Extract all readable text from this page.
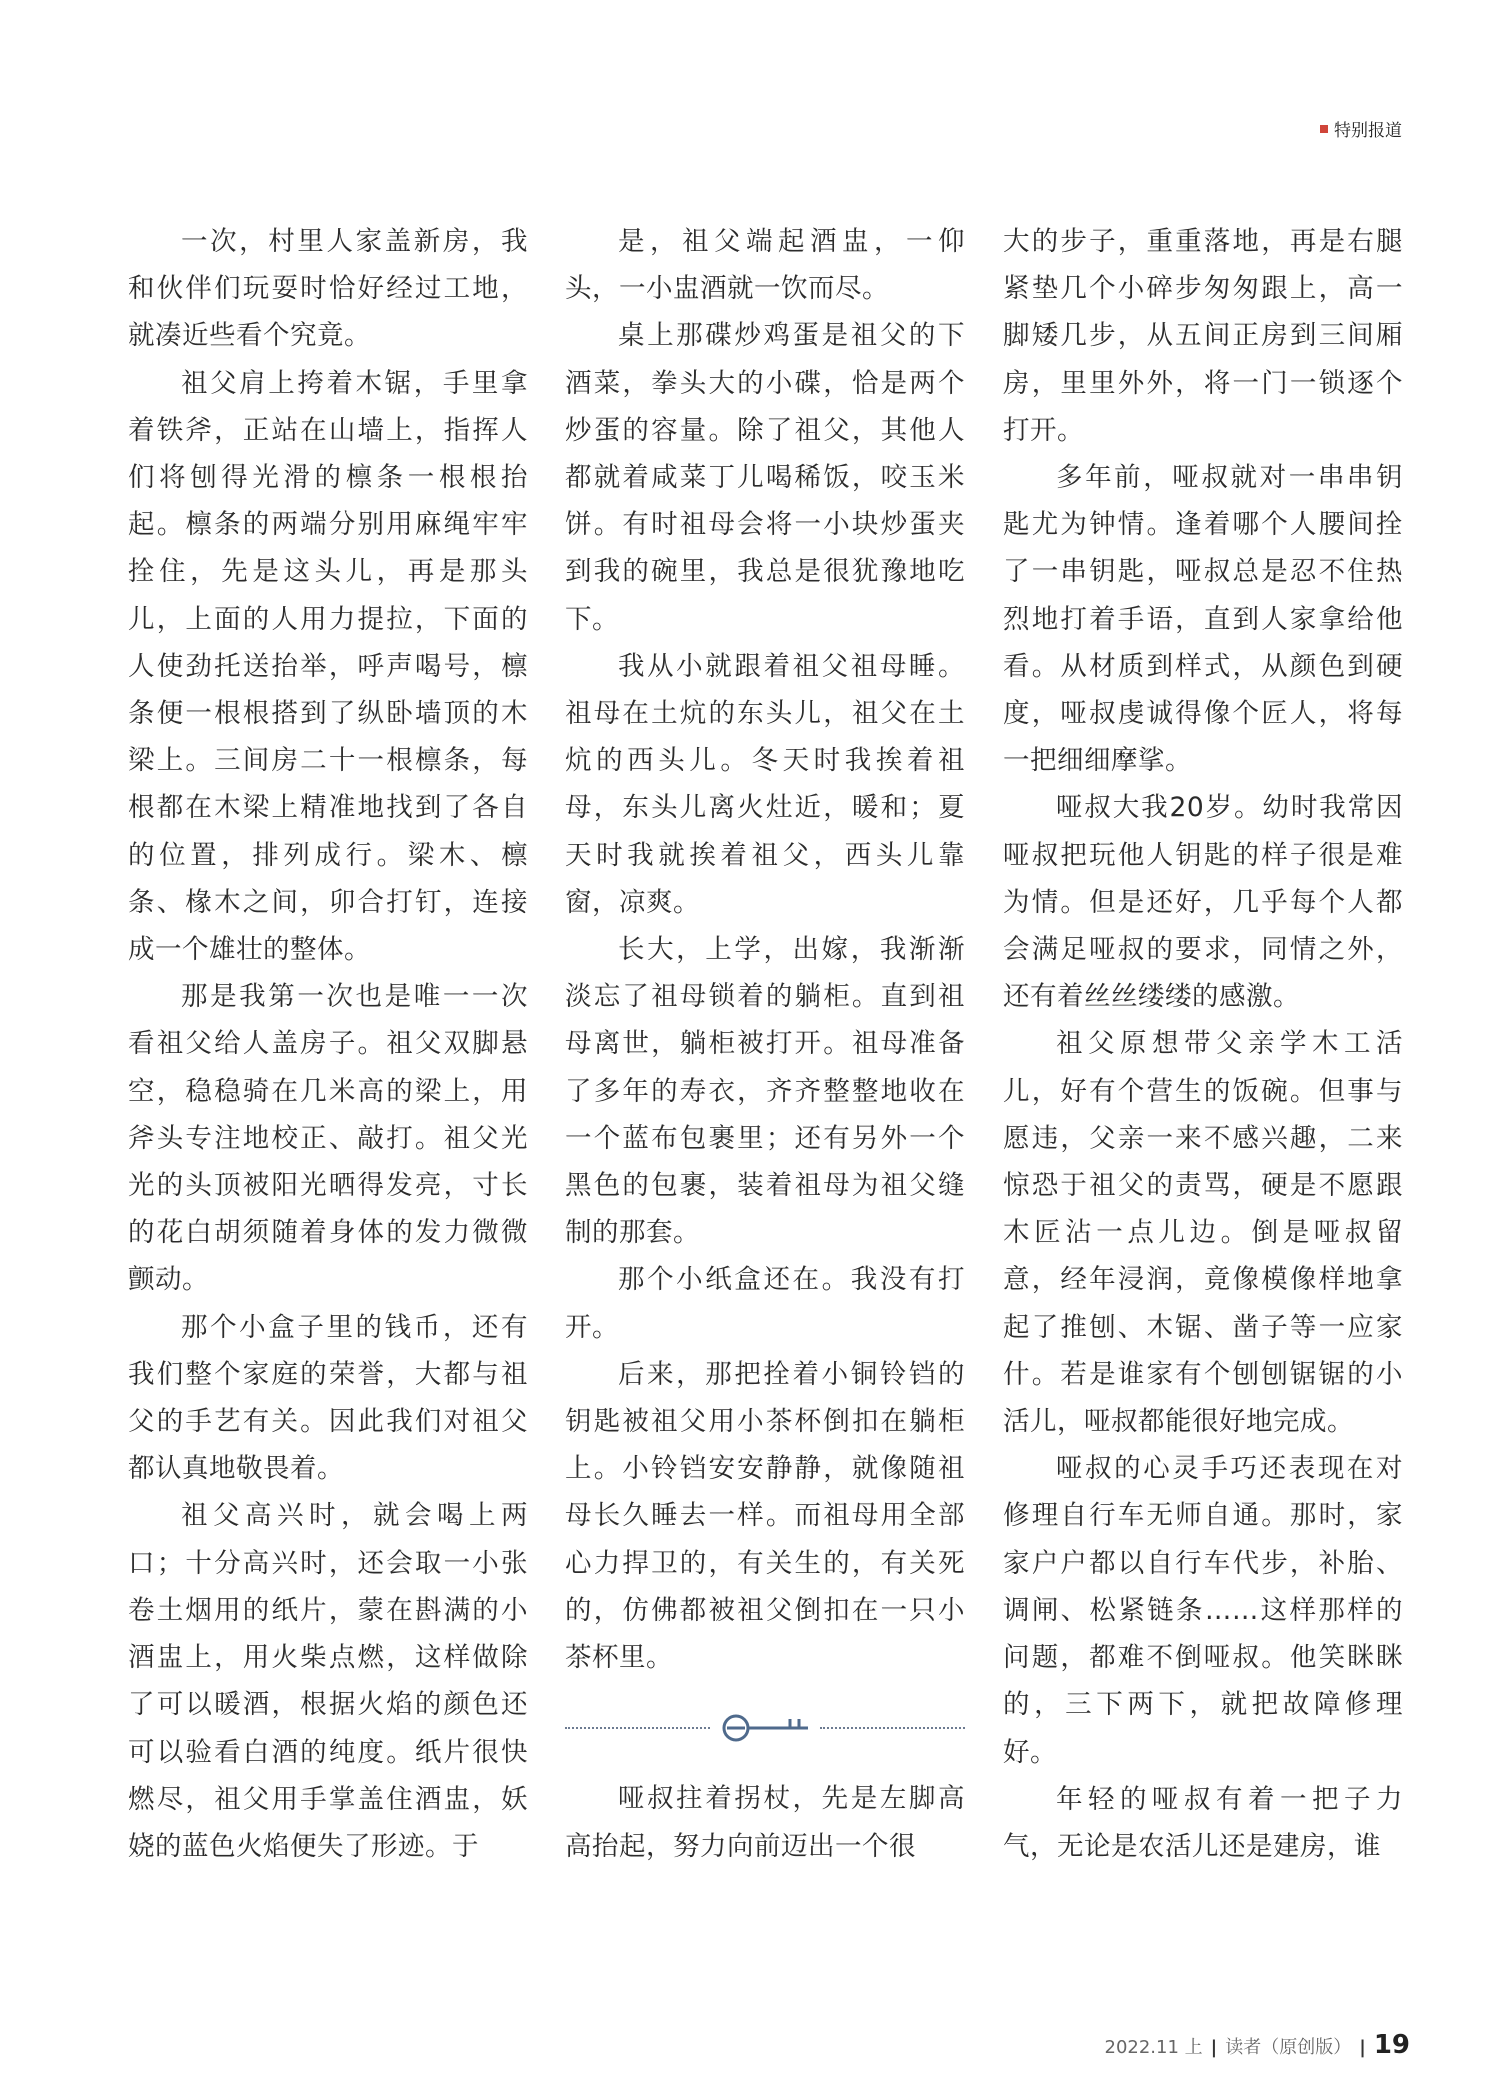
特别报道

一次，村里人家盖新房，我和伙伴们玩耍时恰好经过工地，就凑近些看个究竟。

祖父肩上挎着木锯，手里拿着铁斧，正站在山墙上，指挥人们将刨得光滑的檩条一根根抬起。檩条的两端分别用麻绳牢牢拴住，先是这头儿，再是那头儿，上面的人用力提拉，下面的人使劲托送抬举，呼声喝号，檩条便一根根搭到了纵卧墙顶的木梁上。三间房二十一根檩条，每根都在木梁上精准地找到了各自的位置，排列成行。梁木、檩条、椽木之间，卯合打钉，连接成一个雄壮的整体。

那是我第一次也是唯一一次看祖父给人盖房子。祖父双脚悬空，稳稳骑在几米高的梁上，用斧头专注地校正、敲打。祖父光光的头顶被阳光晒得发亮，寸长的花白胡须随着身体的发力微微颤动。

那个小盒子里的钱币，还有我们整个家庭的荣誉，大都与祖父的手艺有关。因此我们对祖父都认真地敬畏着。

祖父高兴时，就会喝上两口；十分高兴时，还会取一小张卷土烟用的纸片，蒙在斟满的小酒盅上，用火柴点燃，这样做除了可以暖酒，根据火焰的颜色还可以验看白酒的纯度。纸片很快燃尽，祖父用手掌盖住酒盅，妖娆的蓝色火焰便失了形迹。于

是，祖父端起酒盅，一仰头，一小盅酒就一饮而尽。

桌上那碟炒鸡蛋是祖父的下酒菜，拳头大的小碟，恰是两个炒蛋的容量。除了祖父，其他人都就着咸菜丁儿喝稀饭，咬玉米饼。有时祖母会将一小块炒蛋夹到我的碗里，我总是很犹豫地吃下。

我从小就跟着祖父祖母睡。祖母在土炕的东头儿，祖父在土炕的西头儿。冬天时我挨着祖母，东头儿离火灶近，暖和；夏天时我就挨着祖父，西头儿靠窗，凉爽。

长大，上学，出嫁，我渐渐淡忘了祖母锁着的躺柜。直到祖母离世，躺柜被打开。祖母准备了多年的寿衣，齐齐整整地收在一个蓝布包裹里；还有另外一个黑色的包裹，装着祖母为祖父缝制的那套。

那个小纸盒还在。我没有打开。

后来，那把拴着小铜铃铛的钥匙被祖父用小茶杯倒扣在躺柜上。小铃铛安安静静，就像随祖母长久睡去一样。而祖母用全部心力捍卫的，有关生的，有关死的，仿佛都被祖父倒扣在一只小茶杯里。

哑叔拄着拐杖，先是左脚高高抬起，努力向前迈出一个很

大的步子，重重落地，再是右腿紧垫几个小碎步匆匆跟上，高一脚矮几步，从五间正房到三间厢房，里里外外，将一门一锁逐个打开。

多年前，哑叔就对一串串钥匙尤为钟情。逢着哪个人腰间拴了一串钥匙，哑叔总是忍不住热烈地打着手语，直到人家拿给他看。从材质到样式，从颜色到硬度，哑叔虔诚得像个匠人，将每一把细细摩挲。

哑叔大我20岁。幼时我常因哑叔把玩他人钥匙的样子很是难为情。但是还好，几乎每个人都会满足哑叔的要求，同情之外，还有着丝丝缕缕的感激。

祖父原想带父亲学木工活儿，好有个营生的饭碗。但事与愿违，父亲一来不感兴趣，二来惊恐于祖父的责骂，硬是不愿跟木匠沾一点儿边。倒是哑叔留意，经年浸润，竟像模像样地拿起了推刨、木锯、凿子等一应家什。若是谁家有个刨刨锯锯的小活儿，哑叔都能很好地完成。

哑叔的心灵手巧还表现在对修理自行车无师自通。那时，家家户户都以自行车代步，补胎、调闸、松紧链条……这样那样的问题，都难不倒哑叔。他笑眯眯的，三下两下，就把故障修理好。

年轻的哑叔有着一把子力气，无论是农活儿还是建房，谁

2022.11 上 | 读者（原创版） | 19
